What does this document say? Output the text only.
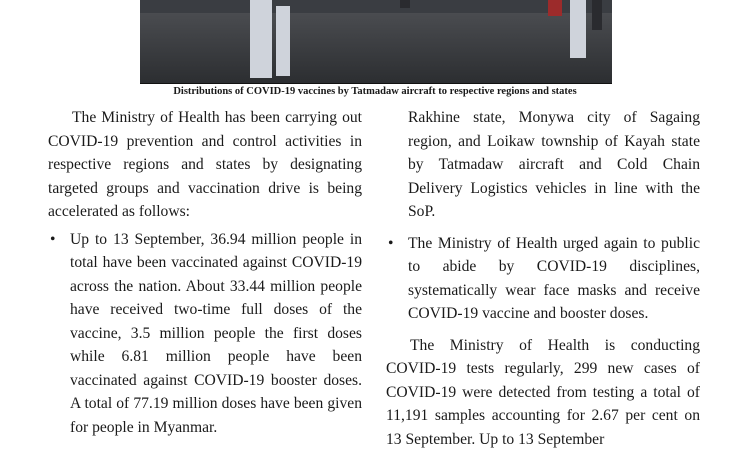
Distributions of COVID-19 vaccines by Tatmadaw aircraft to respective regions and states

The Ministry of Health has been carrying out COVID-19 prevention and control activities in respective regions and states by designating targeted groups and vaccination drive is being accelerated as follows:

• Up to 13 September, 36.94 million people in total have been vaccinated against COVID-19 across the nation. About 33.44 million people have received two-time full doses of the vaccine, 3.5 million people the first doses while 6.81 million people have been vaccinated against COVID-19 booster doses. A total of 77.19 million doses have been given for people in Myanmar.
Rakhine state, Monywa city of Sagaing region, and Loikaw township of Kayah state by Tatmadaw aircraft and Cold Chain Delivery Logistics vehicles in line with the SoP.
• The Ministry of Health urged again to public to abide by COVID-19 disciplines, systematically wear face masks and receive COVID-19 vaccine and booster doses.

The Ministry of Health is conducting COVID-19 tests regularly, 299 new cases of COVID-19 were detected from testing a total of 11,191 samples accounting for 2.67 per cent on 13 September. Up to 13 September
